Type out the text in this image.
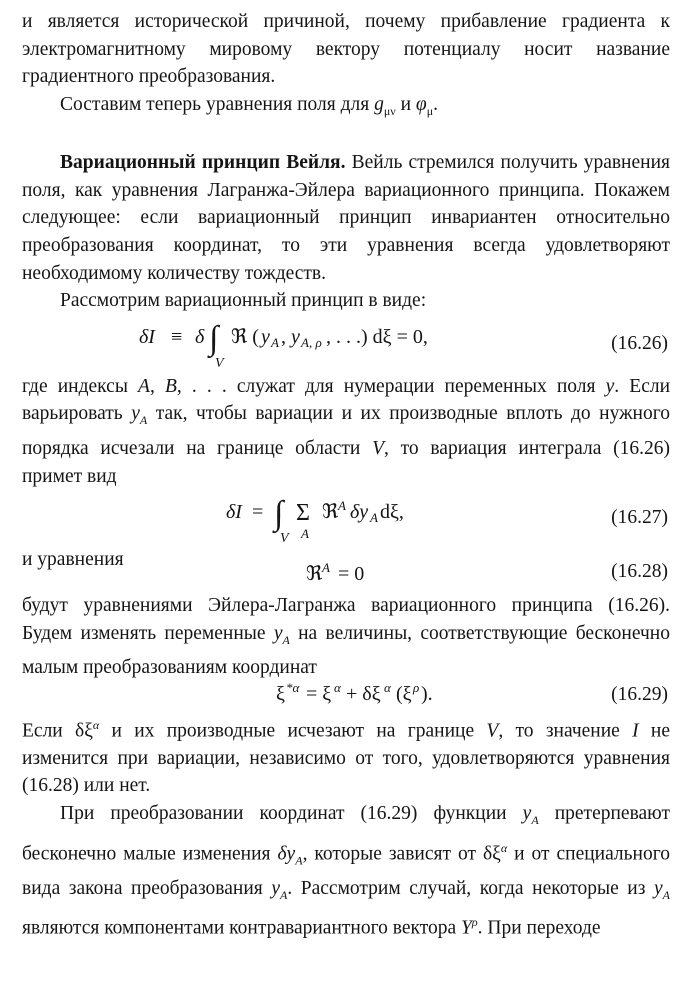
и является исторической причиной, почему прибавление градиента к электромагнитному мировому вектору потенциалу носит название градиентного преобразования.

Составим теперь уравнения поля для $g_{\mu\nu}$ и $\varphi_\mu$.

Вариационный принцип Вейля. Вейль стремился получить уравнения поля, как уравнения Лагранжа-Эйлера вариационного принципа. Покажем следующее: если вариационный принцип инвариантен относительно преобразования координат, то эти уравнения всегда удовлетворяют необходимому количеству тождеств.

Рассмотрим вариационный принцип в виде:

δI ≡ δ ∫
V
ℜ ( y A , y A, ρ , . . .) dξ = 0,	(16.26)

где индексы A, B, . . . служат для нумерации переменных поля y. Если варьировать $y_A$ так, чтобы вариации и их производные вплоть до нужного порядка исчезали на границе области V, то вариация интеграла (16.26) примет вид

δI = ∫
V
Σ
A
ℜ A δy A dξ,	(16.27)
и уравнения
ℜ A = 0	(16.28)

будут уравнениями Эйлера-Лагранжа вариационного принципа (16.26). Будем изменять переменные $y_A$ на величины, соответствующие бесконечно малым преобразованиям координат

ξ *α = ξ α + δξ α (ξ ρ ).	(16.29)

Если $\delta\xi^\alpha$ и их производные исчезают на границе V, то значение I не изменится при вариации, независимо от того, удовлетворяются уравнения (16.28) или нет.

При преобразовании координат (16.29) функции $y_A$ претерпевают бесконечно малые изменения $\delta y_A$, которые зависят от $\delta\xi^\alpha$ и от специального вида закона преобразования $y_A$. Рассмотрим случай, когда некоторые из $y_A$ являются компонентами контравариантного вектора $Y^\rho$. При переходе
